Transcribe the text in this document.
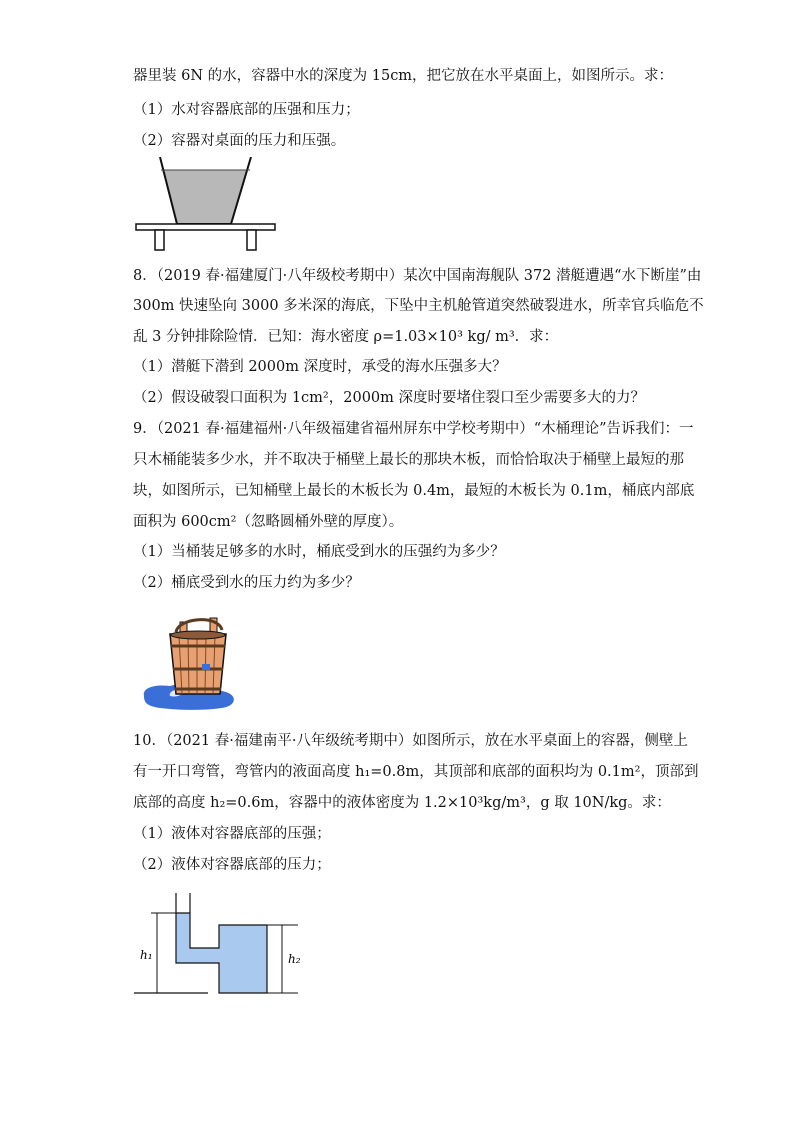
器里装 6N 的水，容器中水的深度为 15cm，把它放在水平桌面上，如图所示。求：
（1）水对容器底部的压强和压力；
（2）容器对桌面的压力和压强。
8．（2019 春·福建厦门·八年级校考期中）某次中国南海舰队 372 潜艇遭遇“水下断崖”由
300m 快速坠向 3000 多米深的海底，下坠中主机舱管道突然破裂进水，所幸官兵临危不
乱 3 分钟排除险情．已知：海水密度 ρ=1.03×10³ kg/ m³．求：
（1）潜艇下潜到 2000m 深度时，承受的海水压强多大？
（2）假设破裂口面积为 1cm²，2000m 深度时要堵住裂口至少需要多大的力？
9．（2021 春·福建福州·八年级福建省福州屏东中学校考期中）“木桶理论”告诉我们：一
只木桶能装多少水，并不取决于桶壁上最长的那块木板，而恰恰取决于桶壁上最短的那
块，如图所示，已知桶壁上最长的木板长为 0.4m，最短的木板长为 0.1m，桶底内部底
面积为 600cm²（忽略圆桶外壁的厚度）。
（1）当桶装足够多的水时，桶底受到水的压强约为多少？
（2）桶底受到水的压力约为多少？
10．（2021 春·福建南平·八年级统考期中）如图所示，放在水平桌面上的容器，侧壁上
有一开口弯管，弯管内的液面高度 h₁=0.8m，其顶部和底部的面积均为 0.1m²，顶部到
底部的高度 h₂=0.6m，容器中的液体密度为 1.2×10³kg/m³，g 取 10N/kg。求：
（1）液体对容器底部的压强；
（2）液体对容器底部的压力；
h₁	h₂
